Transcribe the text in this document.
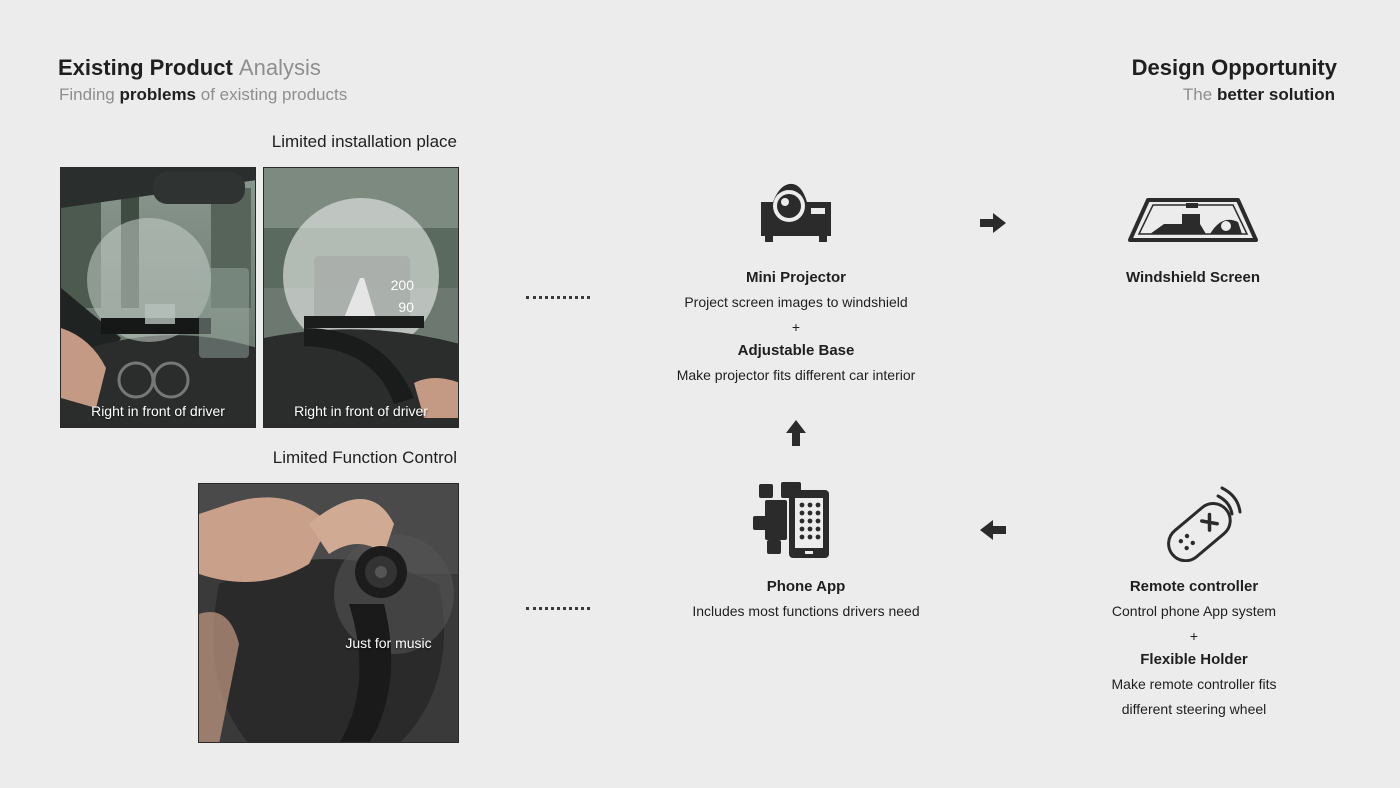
Existing Product Analysis
Finding problems of existing products
Design Opportunity
The better solution
Limited installation place
Right in front of driver
200
90
Right in front of driver
Limited Function Control
Just for music
Mini Projector
Project screen images to windshield
+
Adjustable Base
Make projector fits different car interior
Windshield Screen
Phone App
Includes most functions drivers need
Remote controller
Control phone App system
+
Flexible Holder
Make remote controller fits
different steering wheel
